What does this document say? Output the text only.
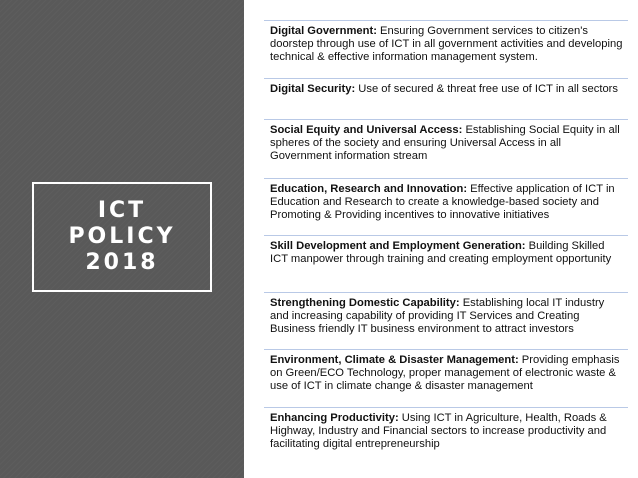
ICT
POLICY
2018
Digital Government: Ensuring Government services to citizen's doorstep through use of ICT in all government activities and developing technical & effective information management system.
Digital Security: Use of secured & threat free use of ICT in all sectors
Social Equity and Universal Access: Establishing Social Equity in all spheres of the society and ensuring Universal Access in all Government information stream
Education, Research and Innovation: Effective application of ICT in Education and Research to create a knowledge-based society and Promoting & Providing incentives to innovative initiatives
Skill Development and Employment Generation: Building Skilled ICT manpower through training and creating employment opportunity
Strengthening Domestic Capability: Establishing local IT industry and increasing capability of providing IT Services and Creating Business friendly IT business environment to attract investors
Environment, Climate & Disaster Management: Providing emphasis on Green/ECO Technology, proper management of electronic waste & use of ICT in climate change & disaster management
Enhancing Productivity: Using ICT in Agriculture, Health, Roads & Highway, Industry and Financial sectors to increase productivity and facilitating digital entrepreneurship
